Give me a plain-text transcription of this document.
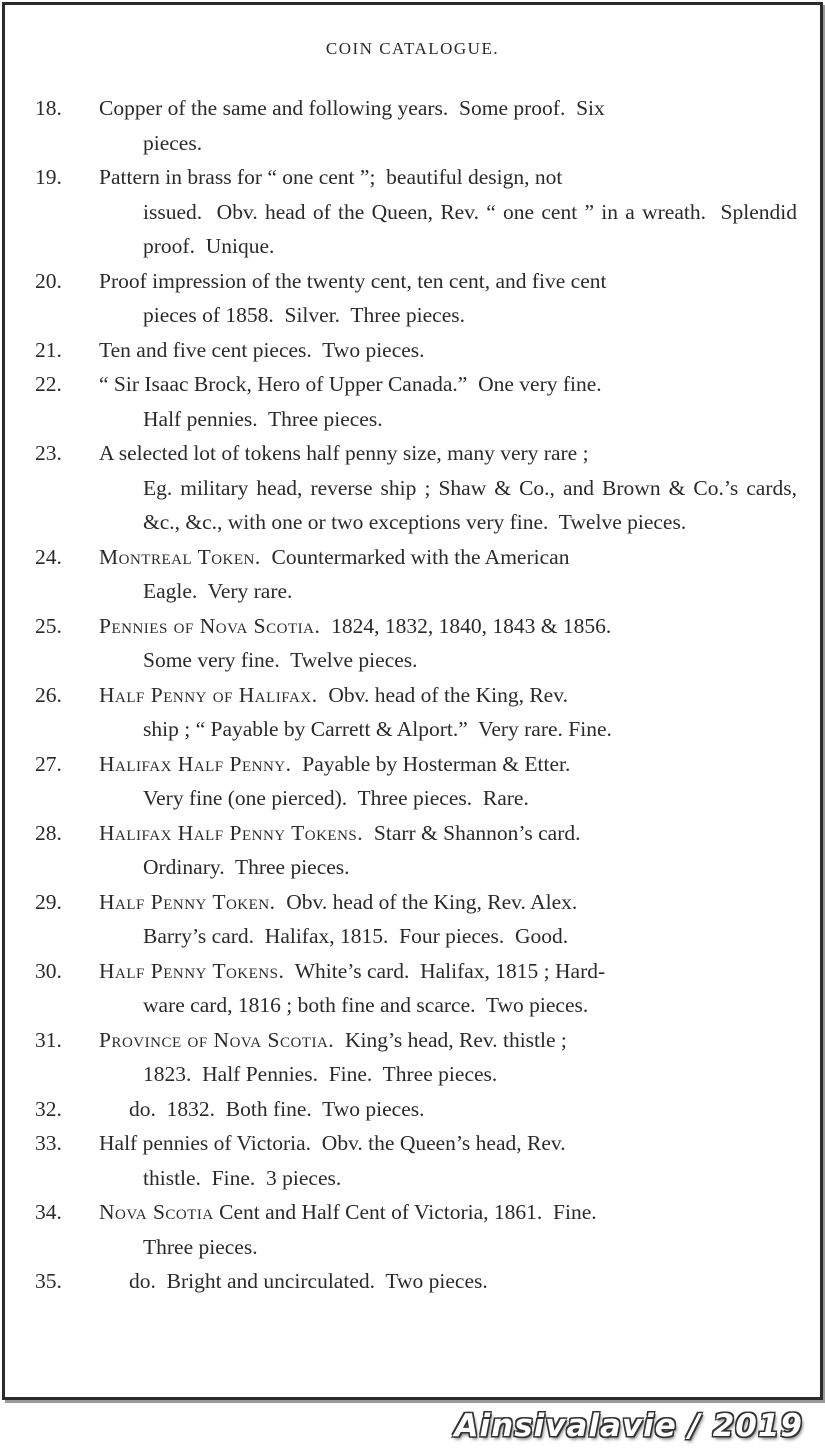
COIN CATALOGUE.
18.	Copper of the same and following years.  Some proof.  Six
pieces.
19.	Pattern in brass for “ one cent ”;  beautiful design, not
issued.  Obv. head of the Queen, Rev. “ one cent ” in a wreath.  Splendid proof.  Unique.
20.	Proof impression of the twenty cent, ten cent, and five cent
pieces of 1858.  Silver.  Three pieces.
21.	Ten and five cent pieces.  Two pieces.
22.	“ Sir Isaac Brock, Hero of Upper Canada.”  One very fine.
Half pennies.  Three pieces.
23.	A selected lot of tokens half penny size, many very rare ;
Eg. military head, reverse ship ; Shaw & Co., and Brown & Co.’s cards, &c., &c., with one or two exceptions very fine.  Twelve pieces.
24.	Montreal Token.  Countermarked with the American
Eagle.  Very rare.
25.	Pennies of Nova Scotia.  1824, 1832, 1840, 1843 & 1856.
Some very fine.  Twelve pieces.
26.	Half Penny of Halifax.  Obv. head of the King, Rev.
ship ; “ Payable by Carrett & Alport.”  Very rare. Fine.
27.	Halifax Half Penny.  Payable by Hosterman & Etter.
Very fine (one pierced).  Three pieces.  Rare.
28.	Halifax Half Penny Tokens.  Starr & Shannon’s card.
Ordinary.  Three pieces.
29.	Half Penny Token.  Obv. head of the King, Rev. Alex.
Barry’s card.  Halifax, 1815.  Four pieces.  Good.
30.	Half Penny Tokens.  White’s card.  Halifax, 1815 ; Hard-
ware card, 1816 ; both fine and scarce.  Two pieces.
31.	Province of Nova Scotia.  King’s head, Rev. thistle ;
1823.  Half Pennies.  Fine.  Three pieces.
32.	do.  1832.  Both fine.  Two pieces.
33.	Half pennies of Victoria.  Obv. the Queen’s head, Rev.
thistle.  Fine.  3 pieces.
34.	Nova Scotia Cent and Half Cent of Victoria, 1861.  Fine.
Three pieces.
35.	do.  Bright and uncirculated.  Two pieces.
Ainsivalavie / 2019
